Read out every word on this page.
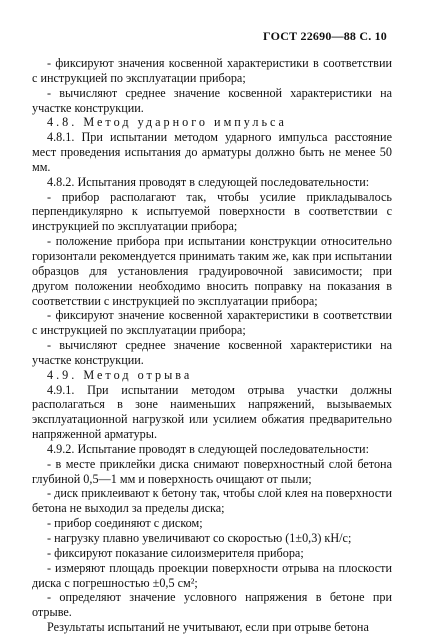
ГОСТ 22690—88 С. 10

- фиксируют значения косвенной характеристики в соответствии с инструкцией по эксплуатации прибора;

- вычисляют среднее значение косвенной характеристики на участке конструкции.

4.8. Метод ударного импульса

4.8.1. При испытании методом ударного импульса расстояние мест проведения испытания до арматуры должно быть не менее 50 мм.

4.8.2. Испытания проводят в следующей последовательности:

- прибор располагают так, чтобы усилие прикладывалось перпендикулярно к испытуемой поверхности в соответствии с инструкцией по эксплуатации прибора;

- положение прибора при испытании конструкции относительно горизонтали рекомендуется принимать таким же, как при испытании образцов для установления градуировочной зависимости; при другом положении необходимо вносить поправку на показания в соответствии с инструкцией по эксплуатации прибора;

- фиксируют значение косвенной характеристики в соответствии с инструкцией по эксплуатации прибора;

- вычисляют среднее значение косвенной характеристики на участке конструкции.

4.9. Метод отрыва

4.9.1. При испытании методом отрыва участки должны располагаться в зоне наименьших напряжений, вызываемых эксплуатационной нагрузкой или усилием обжатия предварительно напряженной арматуры.

4.9.2. Испытание проводят в следующей последовательности:

- в месте приклейки диска снимают поверхностный слой бетона глубиной 0,5—1 мм и поверхность очищают от пыли;

- диск приклеивают к бетону так, чтобы слой клея на поверхности бетона не выходил за пределы диска;

- прибор соединяют с диском;

- нагрузку плавно увеличивают со скоростью (1±0,3) кН/с;

- фиксируют показание силоизмерителя прибора;

- измеряют площадь проекции поверхности отрыва на плоскости диска с погрешностью ±0,5 см²;

- определяют значение условного напряжения в бетоне при отрыве.

Результаты испытаний не учитывают, если при отрыве бетона
